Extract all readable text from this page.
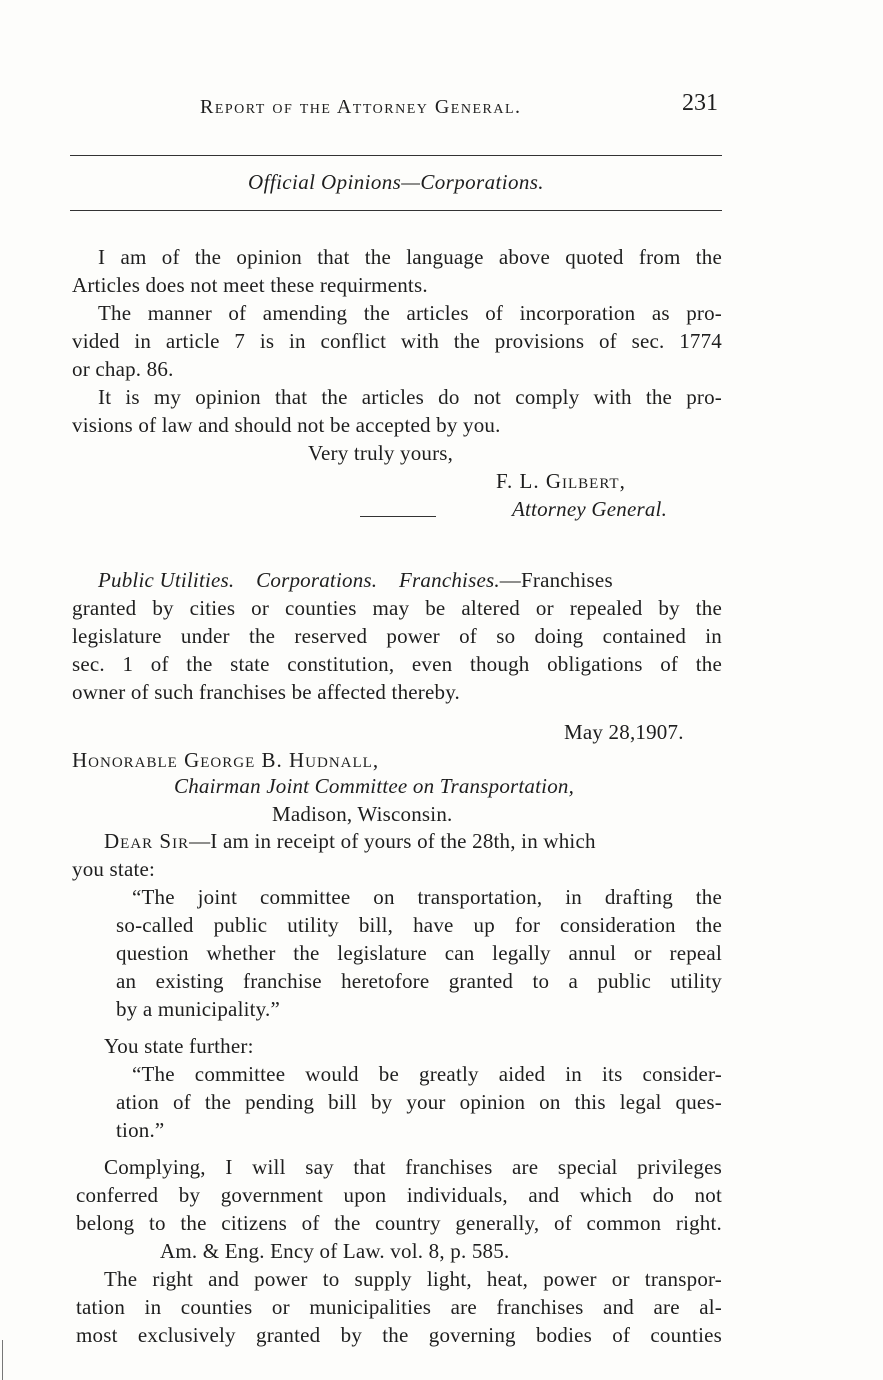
Report of the Attorney General.	231
Official Opinions—Corporations.
I am of the opinion that the language above quoted from the
Articles does not meet these requirments.
The manner of amending the articles of incorporation as pro-
vided in article 7 is in conflict with the provisions of sec. 1774
or chap. 86.
It is my opinion that the articles do not comply with the pro-
visions of law and should not be accepted by you.
Very truly yours,
F. L. Gilbert,
Attorney General.
Public Utilities.    Corporations.    Franchises.—Franchises
granted by cities or counties may be altered or repealed by the
legislature under the reserved power of so doing contained in
sec. 1 of the state constitution, even though obligations of the
owner of such franchises be affected thereby.
May 28,1907.
Honorable George B. Hudnall,
Chairman Joint Committee on Transportation,
Madison, Wisconsin.
Dear Sir—I am in receipt of yours of the 28th, in which
you state:
“The joint committee on transportation, in drafting the
so-called public utility bill, have up for consideration the
question whether the legislature can legally annul or repeal
an existing franchise heretofore granted to a public utility
by a municipality.”
You state further:
“The committee would be greatly aided in its consider-
ation of the pending bill by your opinion on this legal ques-
tion.”
Complying, I will say that franchises are special privileges
conferred by government upon individuals, and which do not
belong to the citizens of the country generally, of common right.
Am. & Eng. Ency of Law. vol. 8, p. 585.
The right and power to supply light, heat, power or transpor-
tation in counties or municipalities are franchises and are al-
most exclusively granted by the governing bodies of counties
